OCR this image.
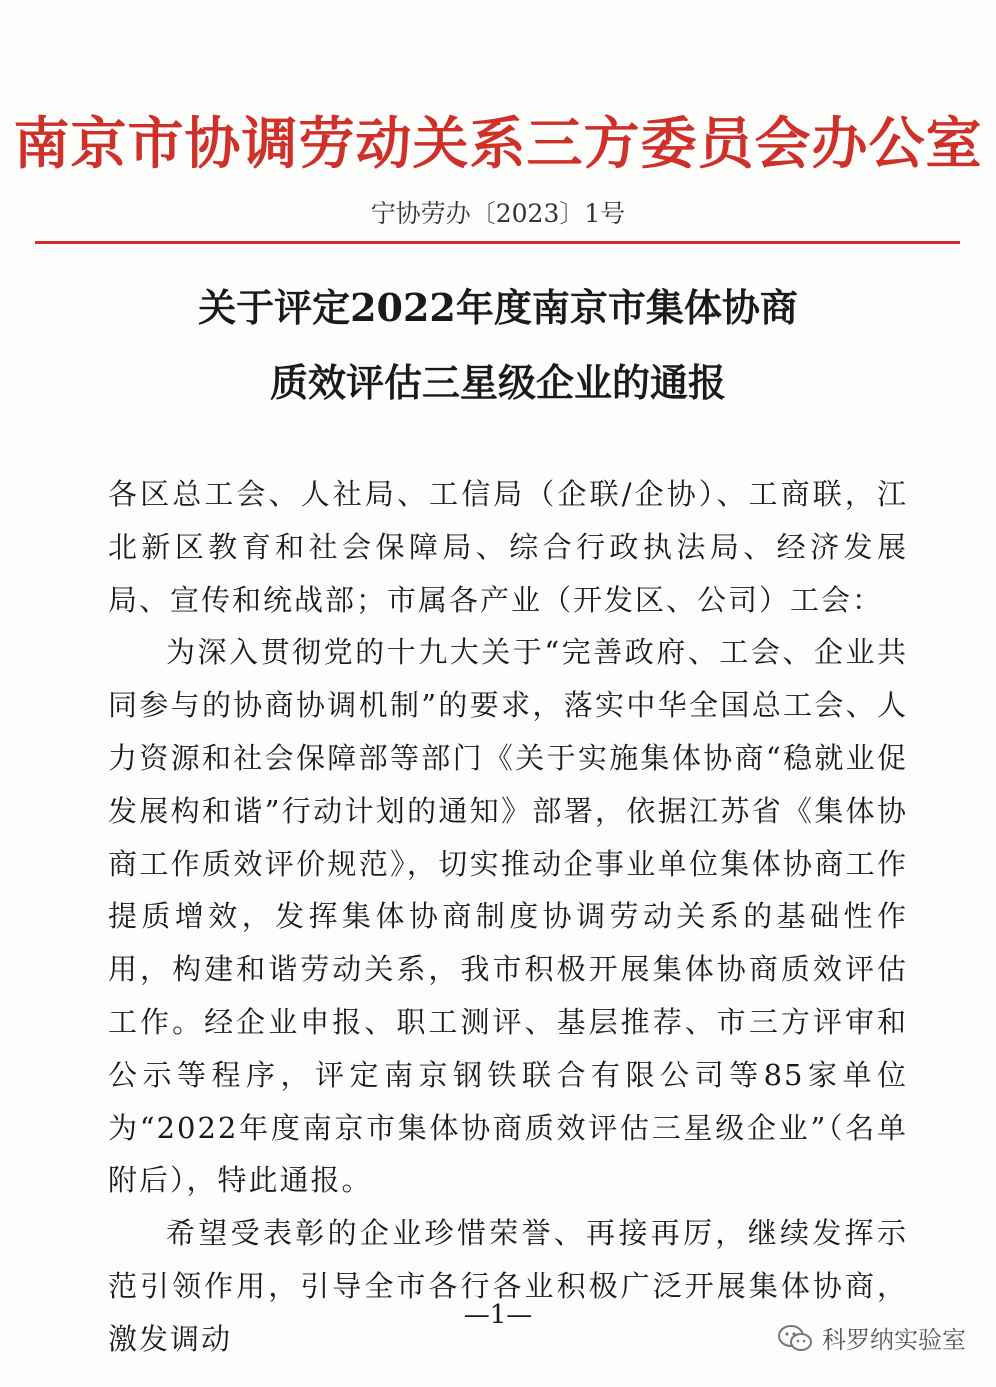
南京市协调劳动关系三方委员会办公室
宁协劳办〔2023〕1号
关于评定2022年度南京市集体协商
质效评估三星级企业的通报

各区总工会、人社局、工信局（企联/企协）、工商联，江北新区教育和社会保障局、综合行政执法局、经济发展局、宣传和统战部；市属各产业（开发区、公司）工会：

为深入贯彻党的十九大关于“完善政府、工会、企业共同参与的协商协调机制”的要求，落实中华全国总工会、人力资源和社会保障部等部门《关于实施集体协商“稳就业促发展构和谐”行动计划的通知》部署，依据江苏省《集体协商工作质效评价规范》，切实推动企事业单位集体协商工作提质增效，发挥集体协商制度协调劳动关系的基础性作用，构建和谐劳动关系，我市积极开展集体协商质效评估工作。经企业申报、职工测评、基层推荐、市三方评审和公示等程序，评定南京钢铁联合有限公司等85家单位为“2022年度南京市集体协商质效评估三星级企业”（名单附后），特此通报。

希望受表彰的企业珍惜荣誉、再接再厉，继续发挥示范引领作用，引导全市各行各业积极广泛开展集体协商，激发调动

—1—
科罗纳实验室
